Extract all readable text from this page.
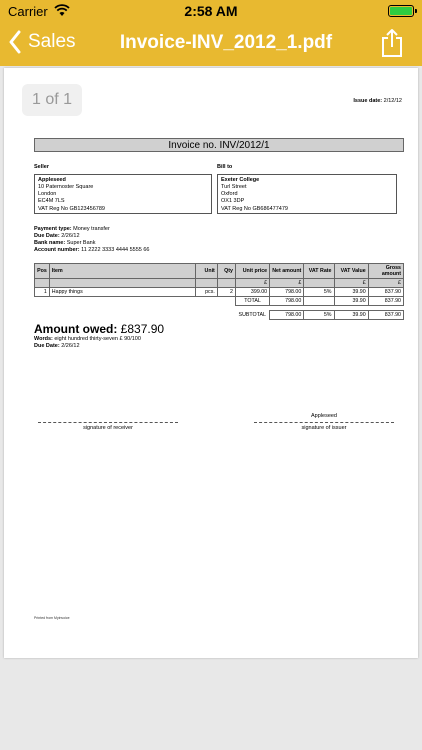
Carrier	2:58 AM
Sales	Invoice-INV_2012_1.pdf
1 of 1	Issue date: 2/12/12
Invoice no. INV/2012/1
Seller
Appleseed
10 Paternoster Square
London
EC4M 7LS
VAT Reg No GB123456789
Bill to
Exeter College
Turl Street
Oxford
OX1 3DP
VAT Reg No GB686477479
Payment type: Money transfer
Due Date: 2/26/12
Bank name: Super Bank
Account number: 11 2222 3333 4444 5555 66
Pos	Item	Unit	Qty	Unit price	Net amount	VAT Rate	VAT Value	Gross amount
				£	£		£	£
1	Happy things	pcs.	2	399.00	798.00	5%	39.90	837.90
				TOTAL	798.00		39.90	837.90

				SUBTOTAL	798.00	5%	39.90	837.90
Amount owed: £837.90
Words: eight hundred thirty-seven £ 90/100
Due Date: 2/26/12
signature of receiver
Appleseed
signature of issuer
Printed from Myinvoice
